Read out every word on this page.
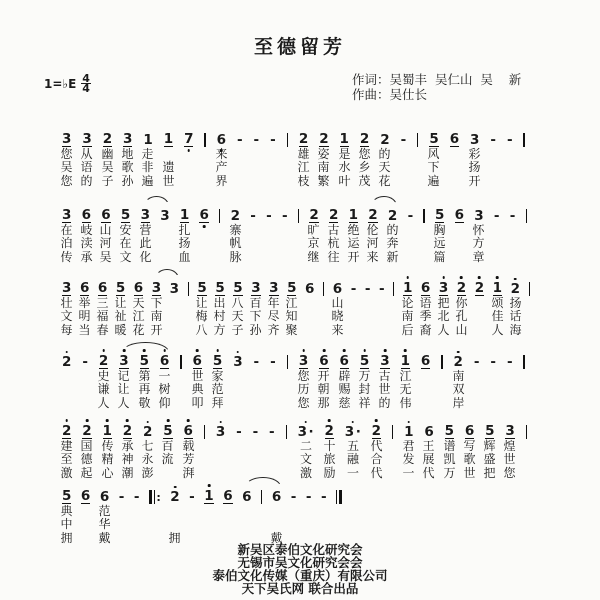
至德留芳
1=♭E $\frac{4}{4}$	作词：吴蜀丰  吴仁山  吴    新
作曲：吴仕长
3 3 2 3 1 1 7 6 - - - 2 2 1 2 2 - 5 6 3 - -
您 从 幽 地 走	来	雄 姿 是 您 的	风 彩
吴 语 吴 歌 非 遗	产	江 南 水 乡 天	下 扬
您 的 子 孙 遍 世	界	枝 繁 叶 茂 花	遍 开
3 6 6 5 3 3 1 6 2 - - - 2 2 1 2 2 - 5 6 3 - -
在 岐 山 安 营 扎	寨	旷 古 绝 伦 的	胸 怀
泊 渎 河 在 此 扬	帆	京 杭 运 河 奔	远 方
传 承 吴 文 化 血	脉	继 往 开 来 新	篇 章
3 6 6 5 6 3 3 5 5 5 3 3 5 6 6 - - - 1 6 3 2 2 1 2
壮 举 三 让 天 下	让 出 八 百 年 江	山	论 语 把 你 颂 扬
文 明 福 祉 江 南	梅 村 天 下 尽 知	晓	南 季 北 孔 佳 话
每 当 春 暖 花 开	八 方 子 孙 齐 聚	来	后 裔 人 山 人 海
2 - 2 3 5 6 6 5 3 - - 3 6 6 5 3 1 6 2 - - -
史 记 第 一 世 家	您 开 辟 万 古 江	南
谦 让 再 树 典 范	历 朝 赐 封 世 无	双
人 人 敬 仰 叩 拜	您 那 慈 祥 的 伟	岸
2 2 1 2 2 5 6 3 - - - 3 · 2 3 · 2 1 6 5 6 5 3
建 国 传 承 七 百 载	二 十 五 代 君 王 谱 写 辉 煌
至 德 精 神 永 流 芳	文 旅 融 合 发 展 凯 歌 盛 世
激 起 心 潮 澎 湃	激 励 一 代 一 代 万 世 把 您
5 6 6 - - : 2 - 1 6 6 6 - - -
典 范
中 华
拥 戴	拥	戴
新吴区泰伯文化研究会
无锡市吴文化研究会会
泰伯文化传媒（重庆）有限公司
天下吴氏网 联合出品
